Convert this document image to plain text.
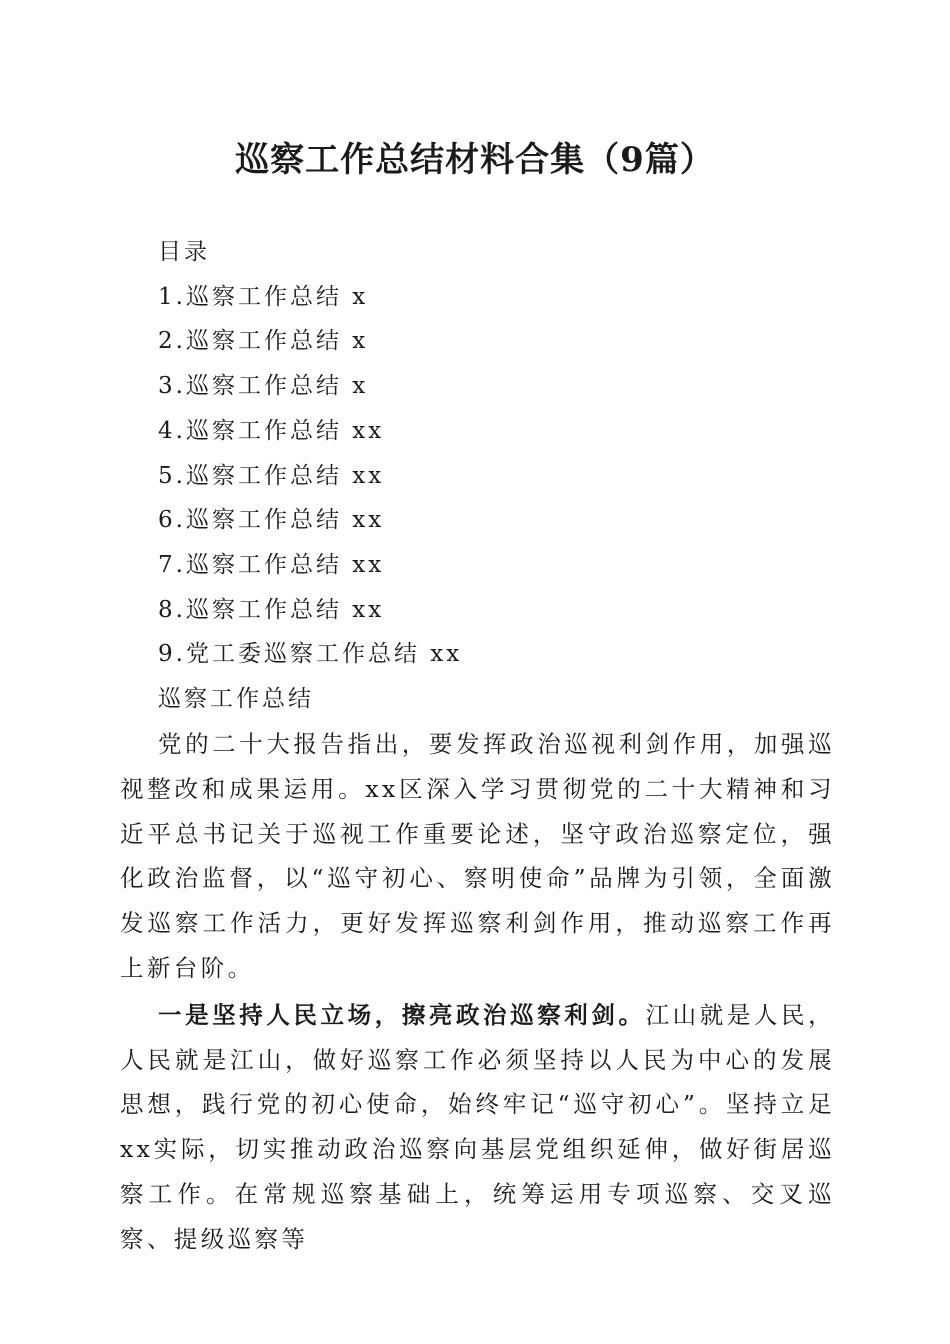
巡察工作总结材料合集（9篇）
目录
1.巡察工作总结 x
2.巡察工作总结 x
3.巡察工作总结 x
4.巡察工作总结 xx
5.巡察工作总结 xx
6.巡察工作总结 xx
7.巡察工作总结 xx
8.巡察工作总结 xx
9.党工委巡察工作总结 xx
巡察工作总结

党的二十大报告指出，要发挥政治巡视利剑作用，加强巡视整改和成果运用。xx区深入学习贯彻党的二十大精神和习近平总书记关于巡视工作重要论述，坚守政治巡察定位，强化政治监督，以“巡守初心、察明使命”品牌为引领，全面激发巡察工作活力，更好发挥巡察利剑作用，推动巡察工作再上新台阶。

一是坚持人民立场，擦亮政治巡察利剑。江山就是人民，人民就是江山，做好巡察工作必须坚持以人民为中心的发展思想，践行党的初心使命，始终牢记“巡守初心”。坚持立足xx实际，切实推动政治巡察向基层党组织延伸，做好街居巡察工作。在常规巡察基础上，统筹运用专项巡察、交叉巡察、提级巡察等
